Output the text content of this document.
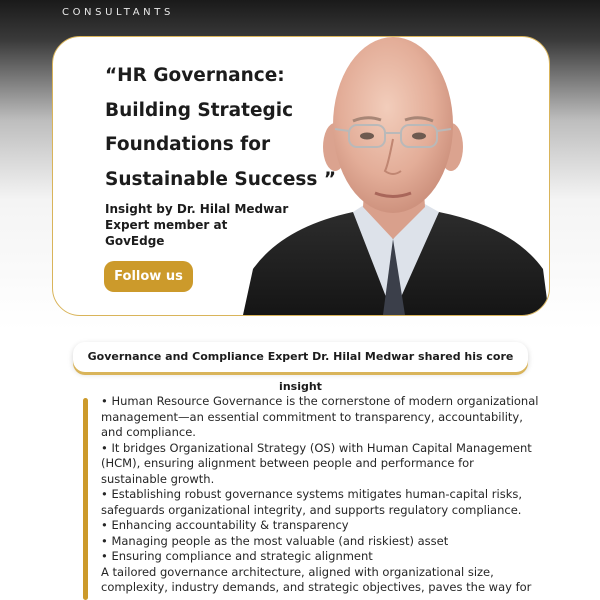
CONSULTANTS
“HR Governance: Building Strategic Foundations for Sustainable Success ”
Insight by Dr. Hilal Medwar
Expert member at
GovEdge
Follow us
Governance and Compliance Expert Dr. Hilal Medwar shared his core insight

• Human Resource Governance is the cornerstone of modern organizational management—an essential commitment to transparency, accountability, and compliance.

• It bridges Organizational Strategy (OS) with Human Capital Management (HCM), ensuring alignment between people and performance for sustainable growth.

• Establishing robust governance systems mitigates human-capital risks, safeguards organizational integrity, and supports regulatory compliance.

• Enhancing accountability & transparency

• Managing people as the most valuable (and riskiest) asset

• Ensuring compliance and strategic alignment

A tailored governance architecture, aligned with organizational size, complexity, industry demands, and strategic objectives, paves the way for
